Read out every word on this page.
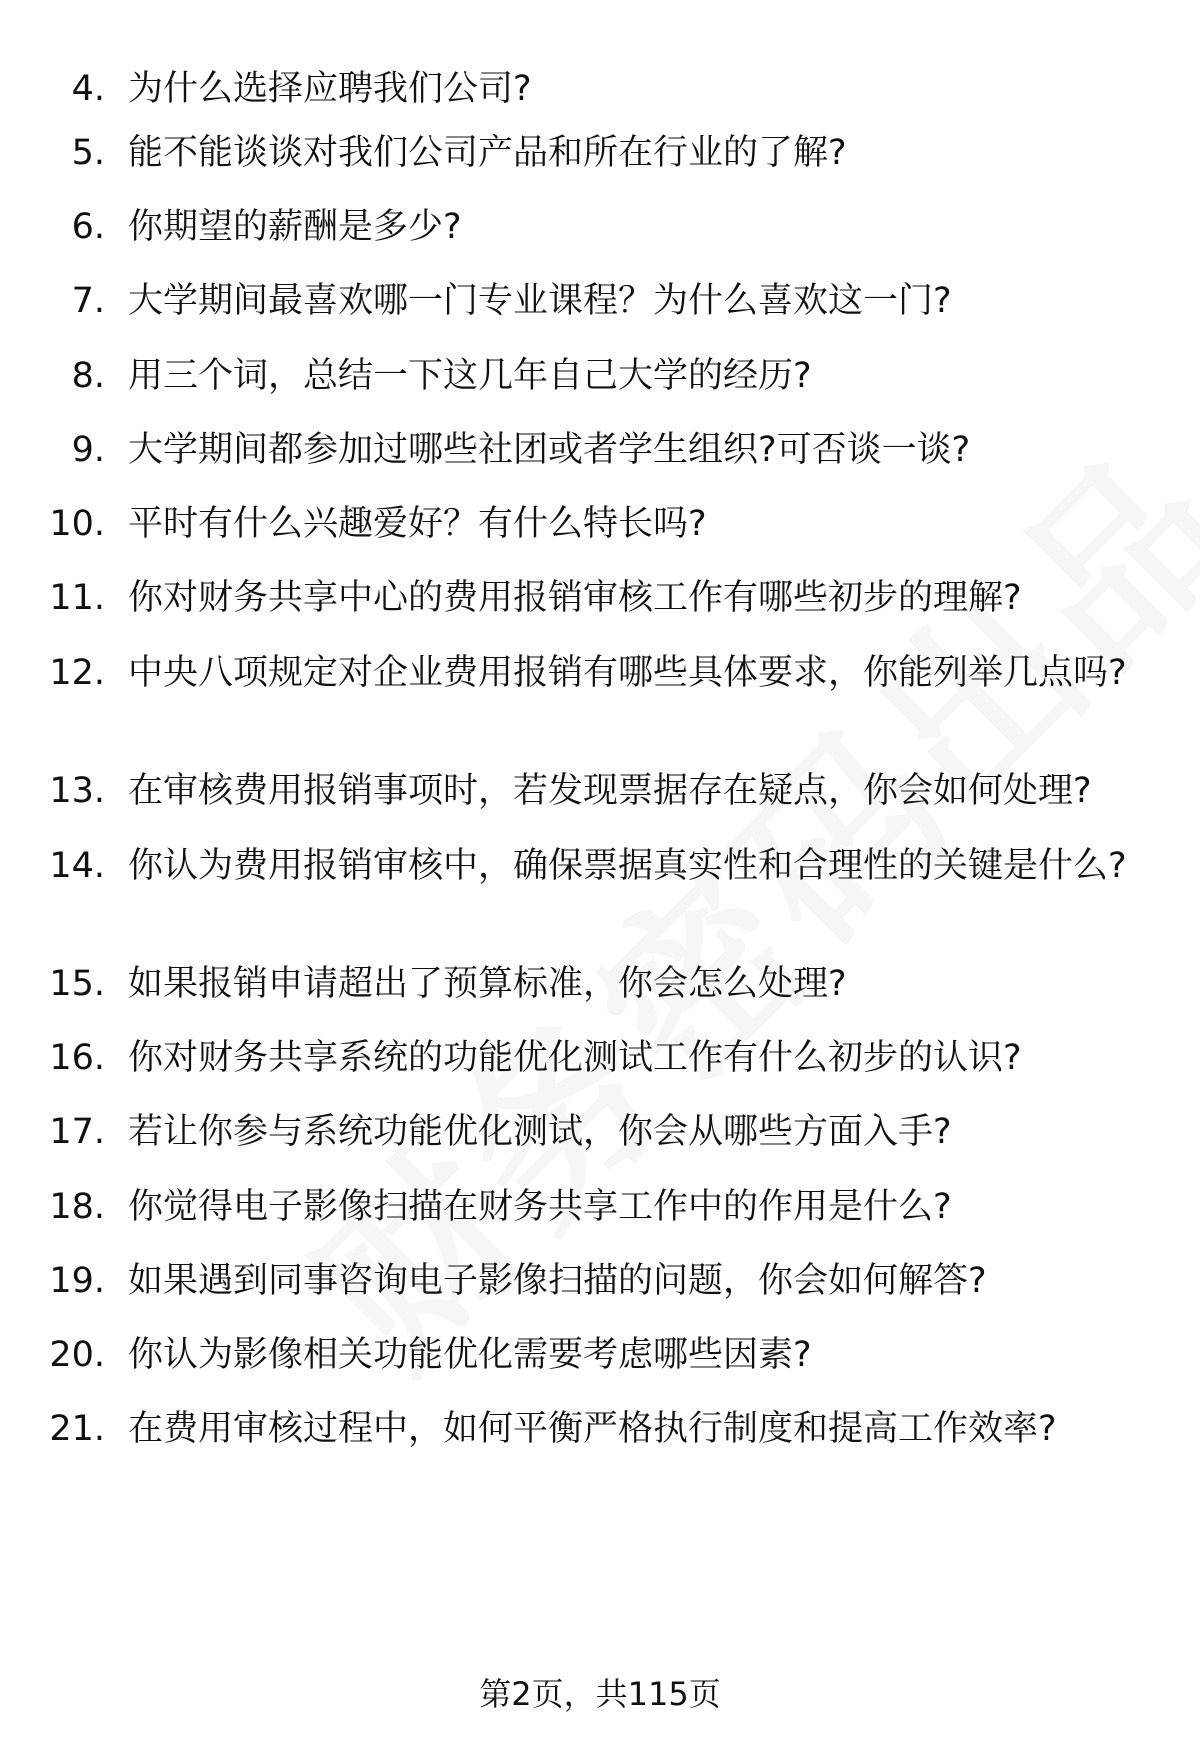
4. 为什么选择应聘我们公司?
5. 能不能谈谈对我们公司产品和所在行业的了解?
6. 你期望的薪酬是多少?
7. 大学期间最喜欢哪一门专业课程？为什么喜欢这一门?
8. 用三个词，总结一下这几年自己大学的经历?
9. 大学期间都参加过哪些社团或者学生组织?可否谈一谈?
10. 平时有什么兴趣爱好？有什么特长吗?
11. 你对财务共享中心的费用报销审核工作有哪些初步的理解?
12. 中央八项规定对企业费用报销有哪些具体要求，你能列举几点吗?
13. 在审核费用报销事项时，若发现票据存在疑点，你会如何处理?
14. 你认为费用报销审核中，确保票据真实性和合理性的关键是什么?
15. 如果报销申请超出了预算标准，你会怎么处理?
16. 你对财务共享系统的功能优化测试工作有什么初步的认识?
17. 若让你参与系统功能优化测试，你会从哪些方面入手?
18. 你觉得电子影像扫描在财务共享工作中的作用是什么?
19. 如果遇到同事咨询电子影像扫描的问题，你会如何解答?
20. 你认为影像相关功能优化需要考虑哪些因素?
21. 在费用审核过程中，如何平衡严格执行制度和提高工作效率?
第2页，共115页
